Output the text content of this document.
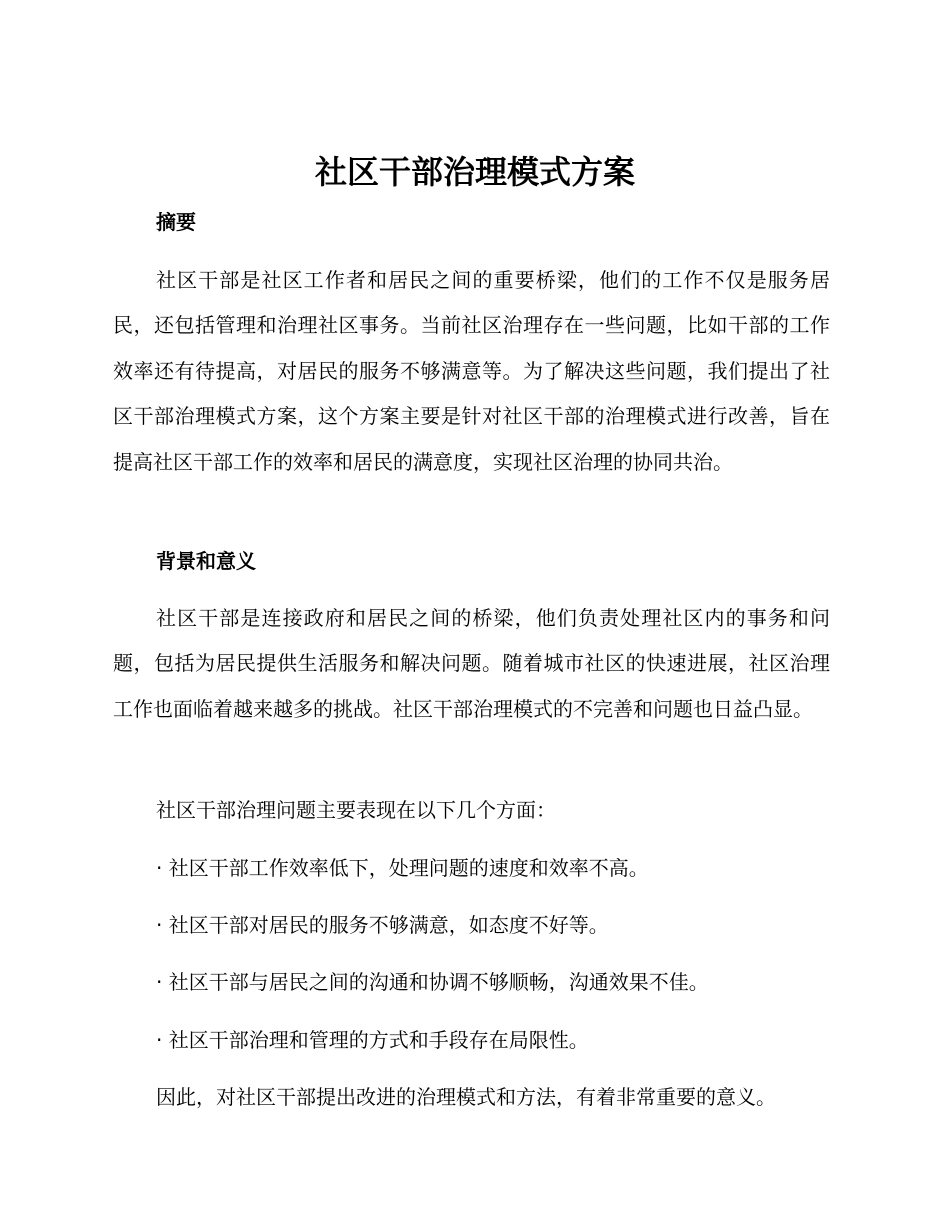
社区干部治理模式方案
摘要

社区干部是社区工作者和居民之间的重要桥梁，他们的工作不仅是服务居民，还包括管理和治理社区事务。当前社区治理存在一些问题，比如干部的工作效率还有待提高，对居民的服务不够满意等。为了解决这些问题，我们提出了社区干部治理模式方案，这个方案主要是针对社区干部的治理模式进行改善，旨在提高社区干部工作的效率和居民的满意度，实现社区治理的协同共治。

背景和意义

社区干部是连接政府和居民之间的桥梁，他们负责处理社区内的事务和问题，包括为居民提供生活服务和解决问题。随着城市社区的快速进展，社区治理工作也面临着越来越多的挑战。社区干部治理模式的不完善和问题也日益凸显。

社区干部治理问题主要表现在以下几个方面：
· 社区干部工作效率低下，处理问题的速度和效率不高。
· 社区干部对居民的服务不够满意，如态度不好等。
· 社区干部与居民之间的沟通和协调不够顺畅，沟通效果不佳。
· 社区干部治理和管理的方式和手段存在局限性。
因此，对社区干部提出改进的治理模式和方法，有着非常重要的意义。
